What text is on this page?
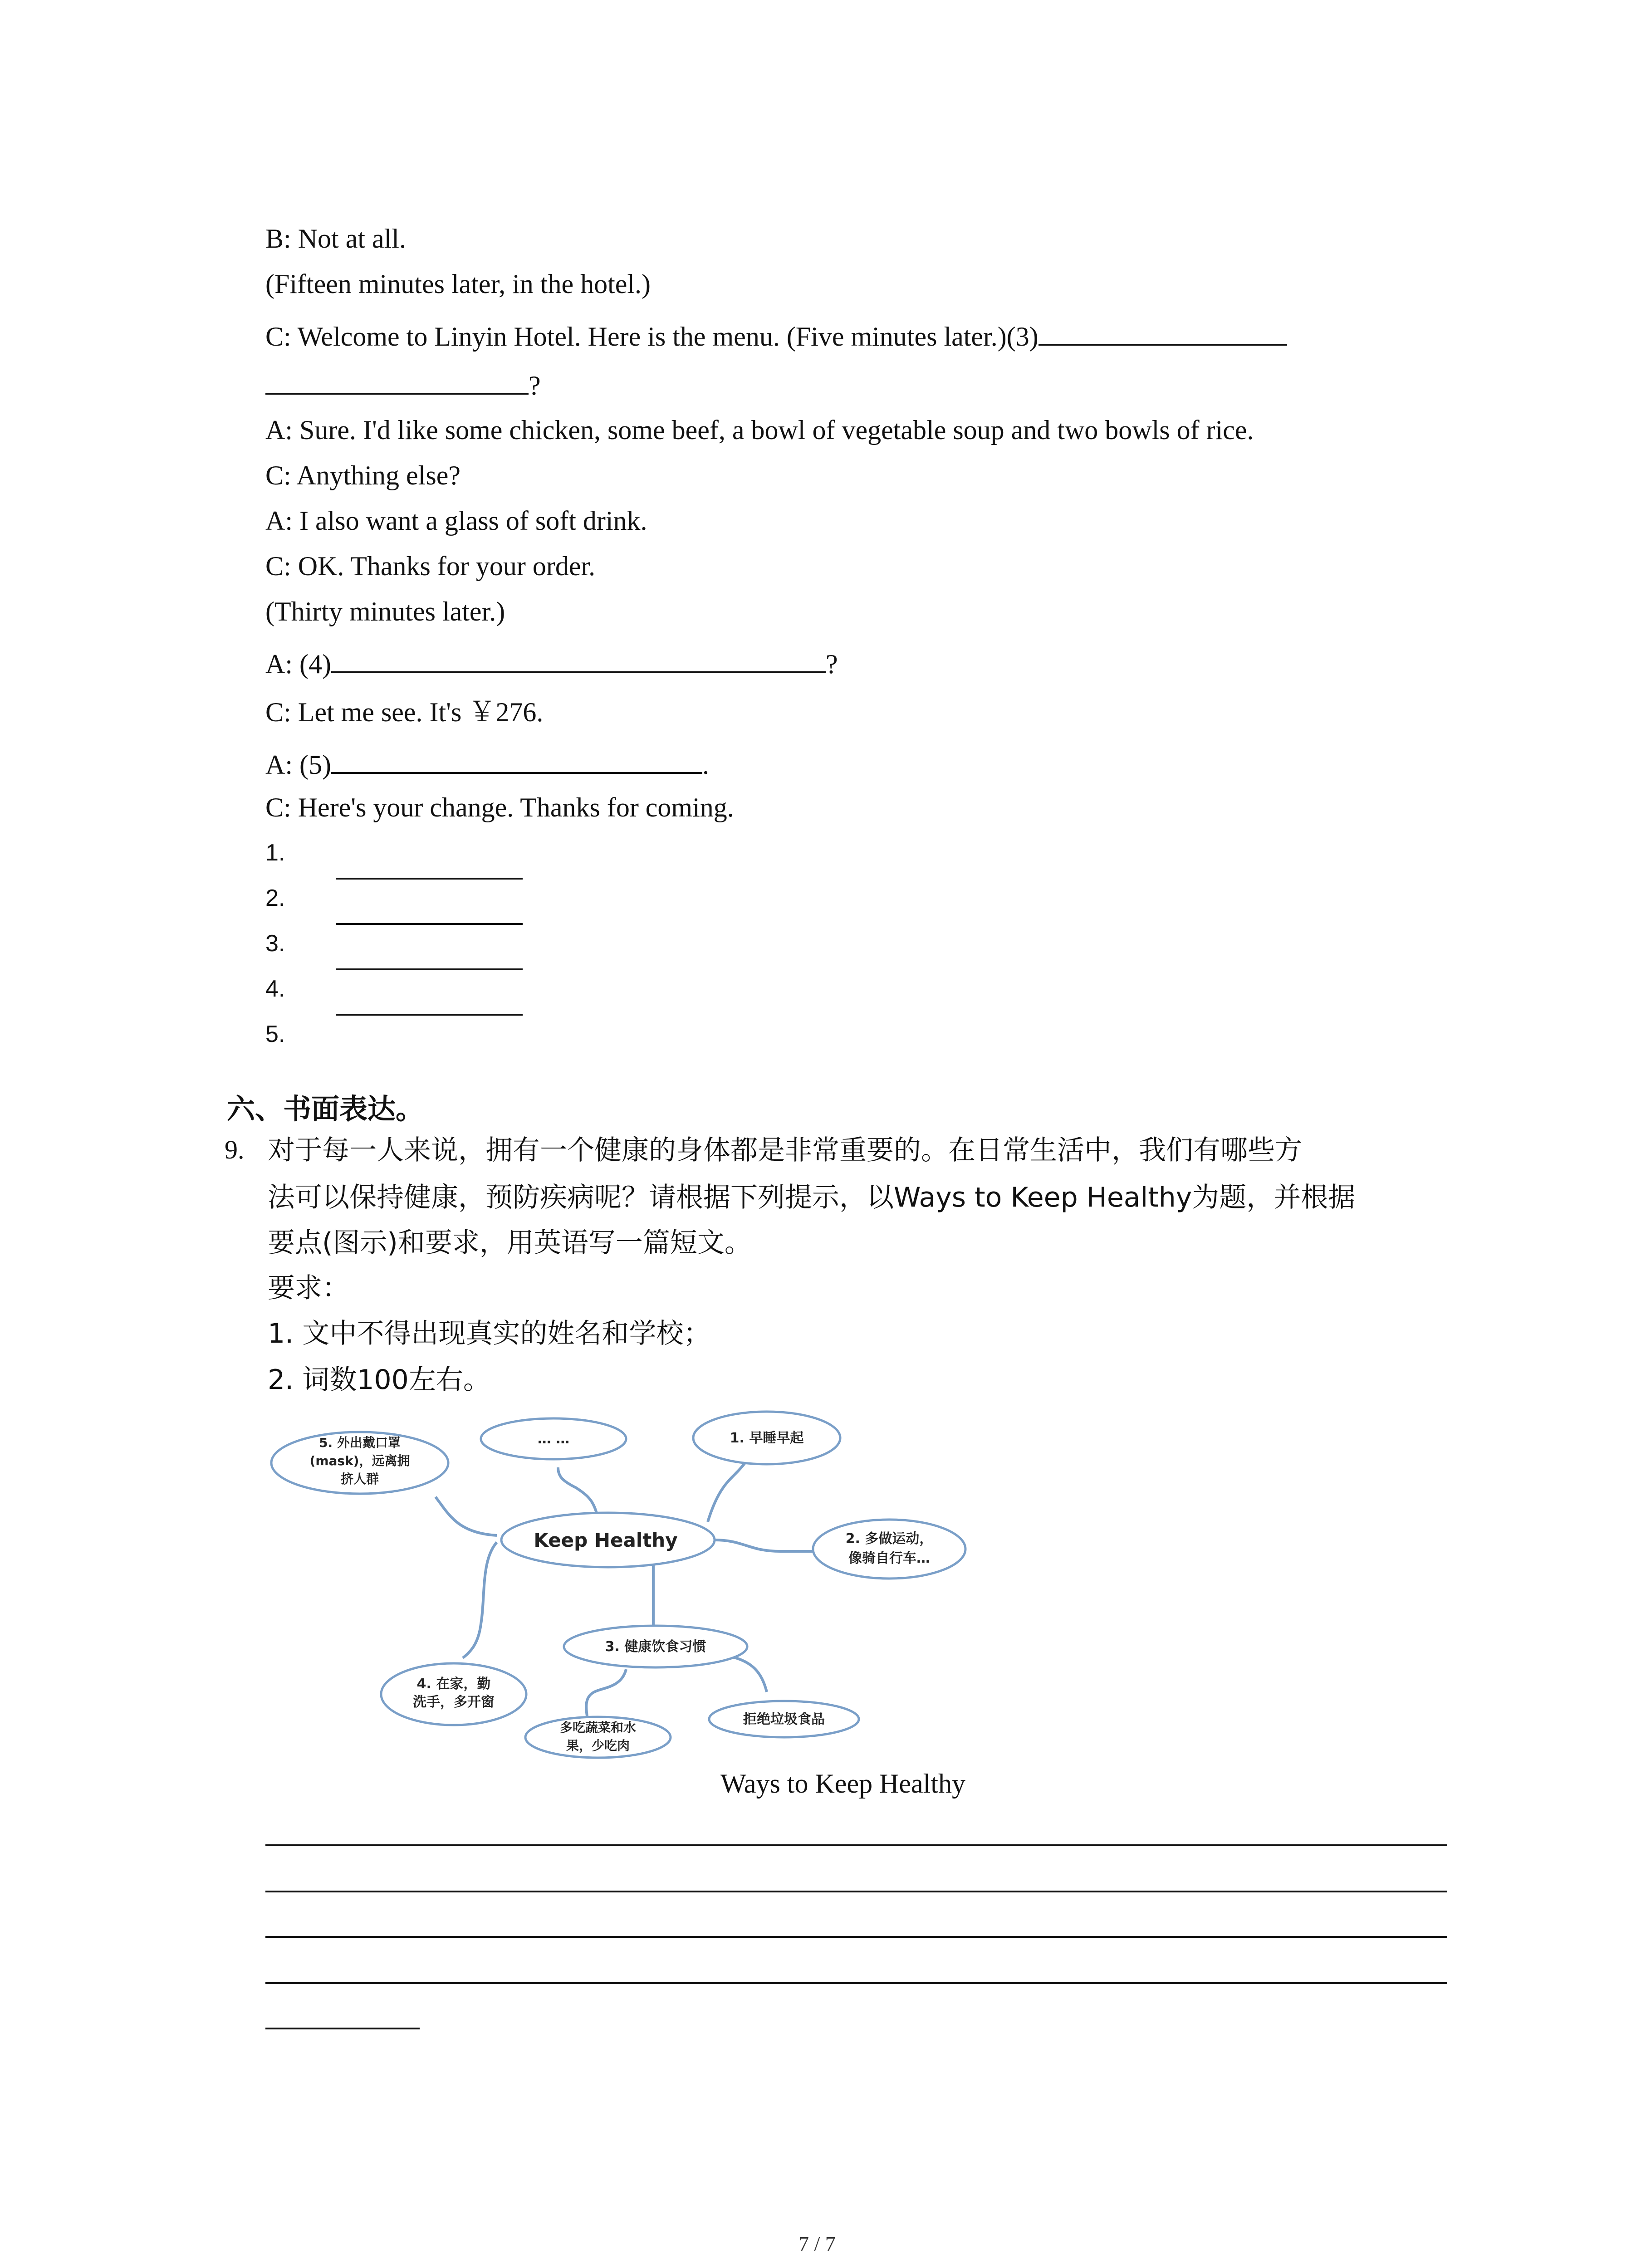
B: Not at all.
(Fifteen minutes later, in the hotel.)
C: Welcome to Linyin Hotel. Here is the menu. (Five minutes later.)(3)
?
A: Sure. I'd like some chicken, some beef, a bowl of vegetable soup and two bowls of rice.
C: Anything else?
A: I also want a glass of soft drink.
C: OK. Thanks for your order.
(Thirty minutes later.)
A: (4)	?
C: Let me see. It's ￥276.
A: (5)	.
C: Here's your change. Thanks for coming.
1.
2.
3.
4.
5.
六、书面表达。
9. 对于每一人来说，拥有一个健康的身体都是非常重要的。在日常生活中，我们有哪些方
法可以保持健康，预防疾病呢？请根据下列提示，以Ways to Keep Healthy为题，并根据
要点(图示)和要求，用英语写一篇短文。
要求：
1. 文中不得出现真实的姓名和学校；
2. 词数100左右。
Keep Healthy
1. 早睡早起
2. 多做运动，
像骑自行车…
3. 健康饮食习惯
多吃蔬菜和水
果，少吃肉
拒绝垃圾食品
4. 在家，勤
洗手，多开窗
5. 外出戴口罩
(mask)，远离拥
挤人群
… …
Ways to Keep Healthy
7 / 7
